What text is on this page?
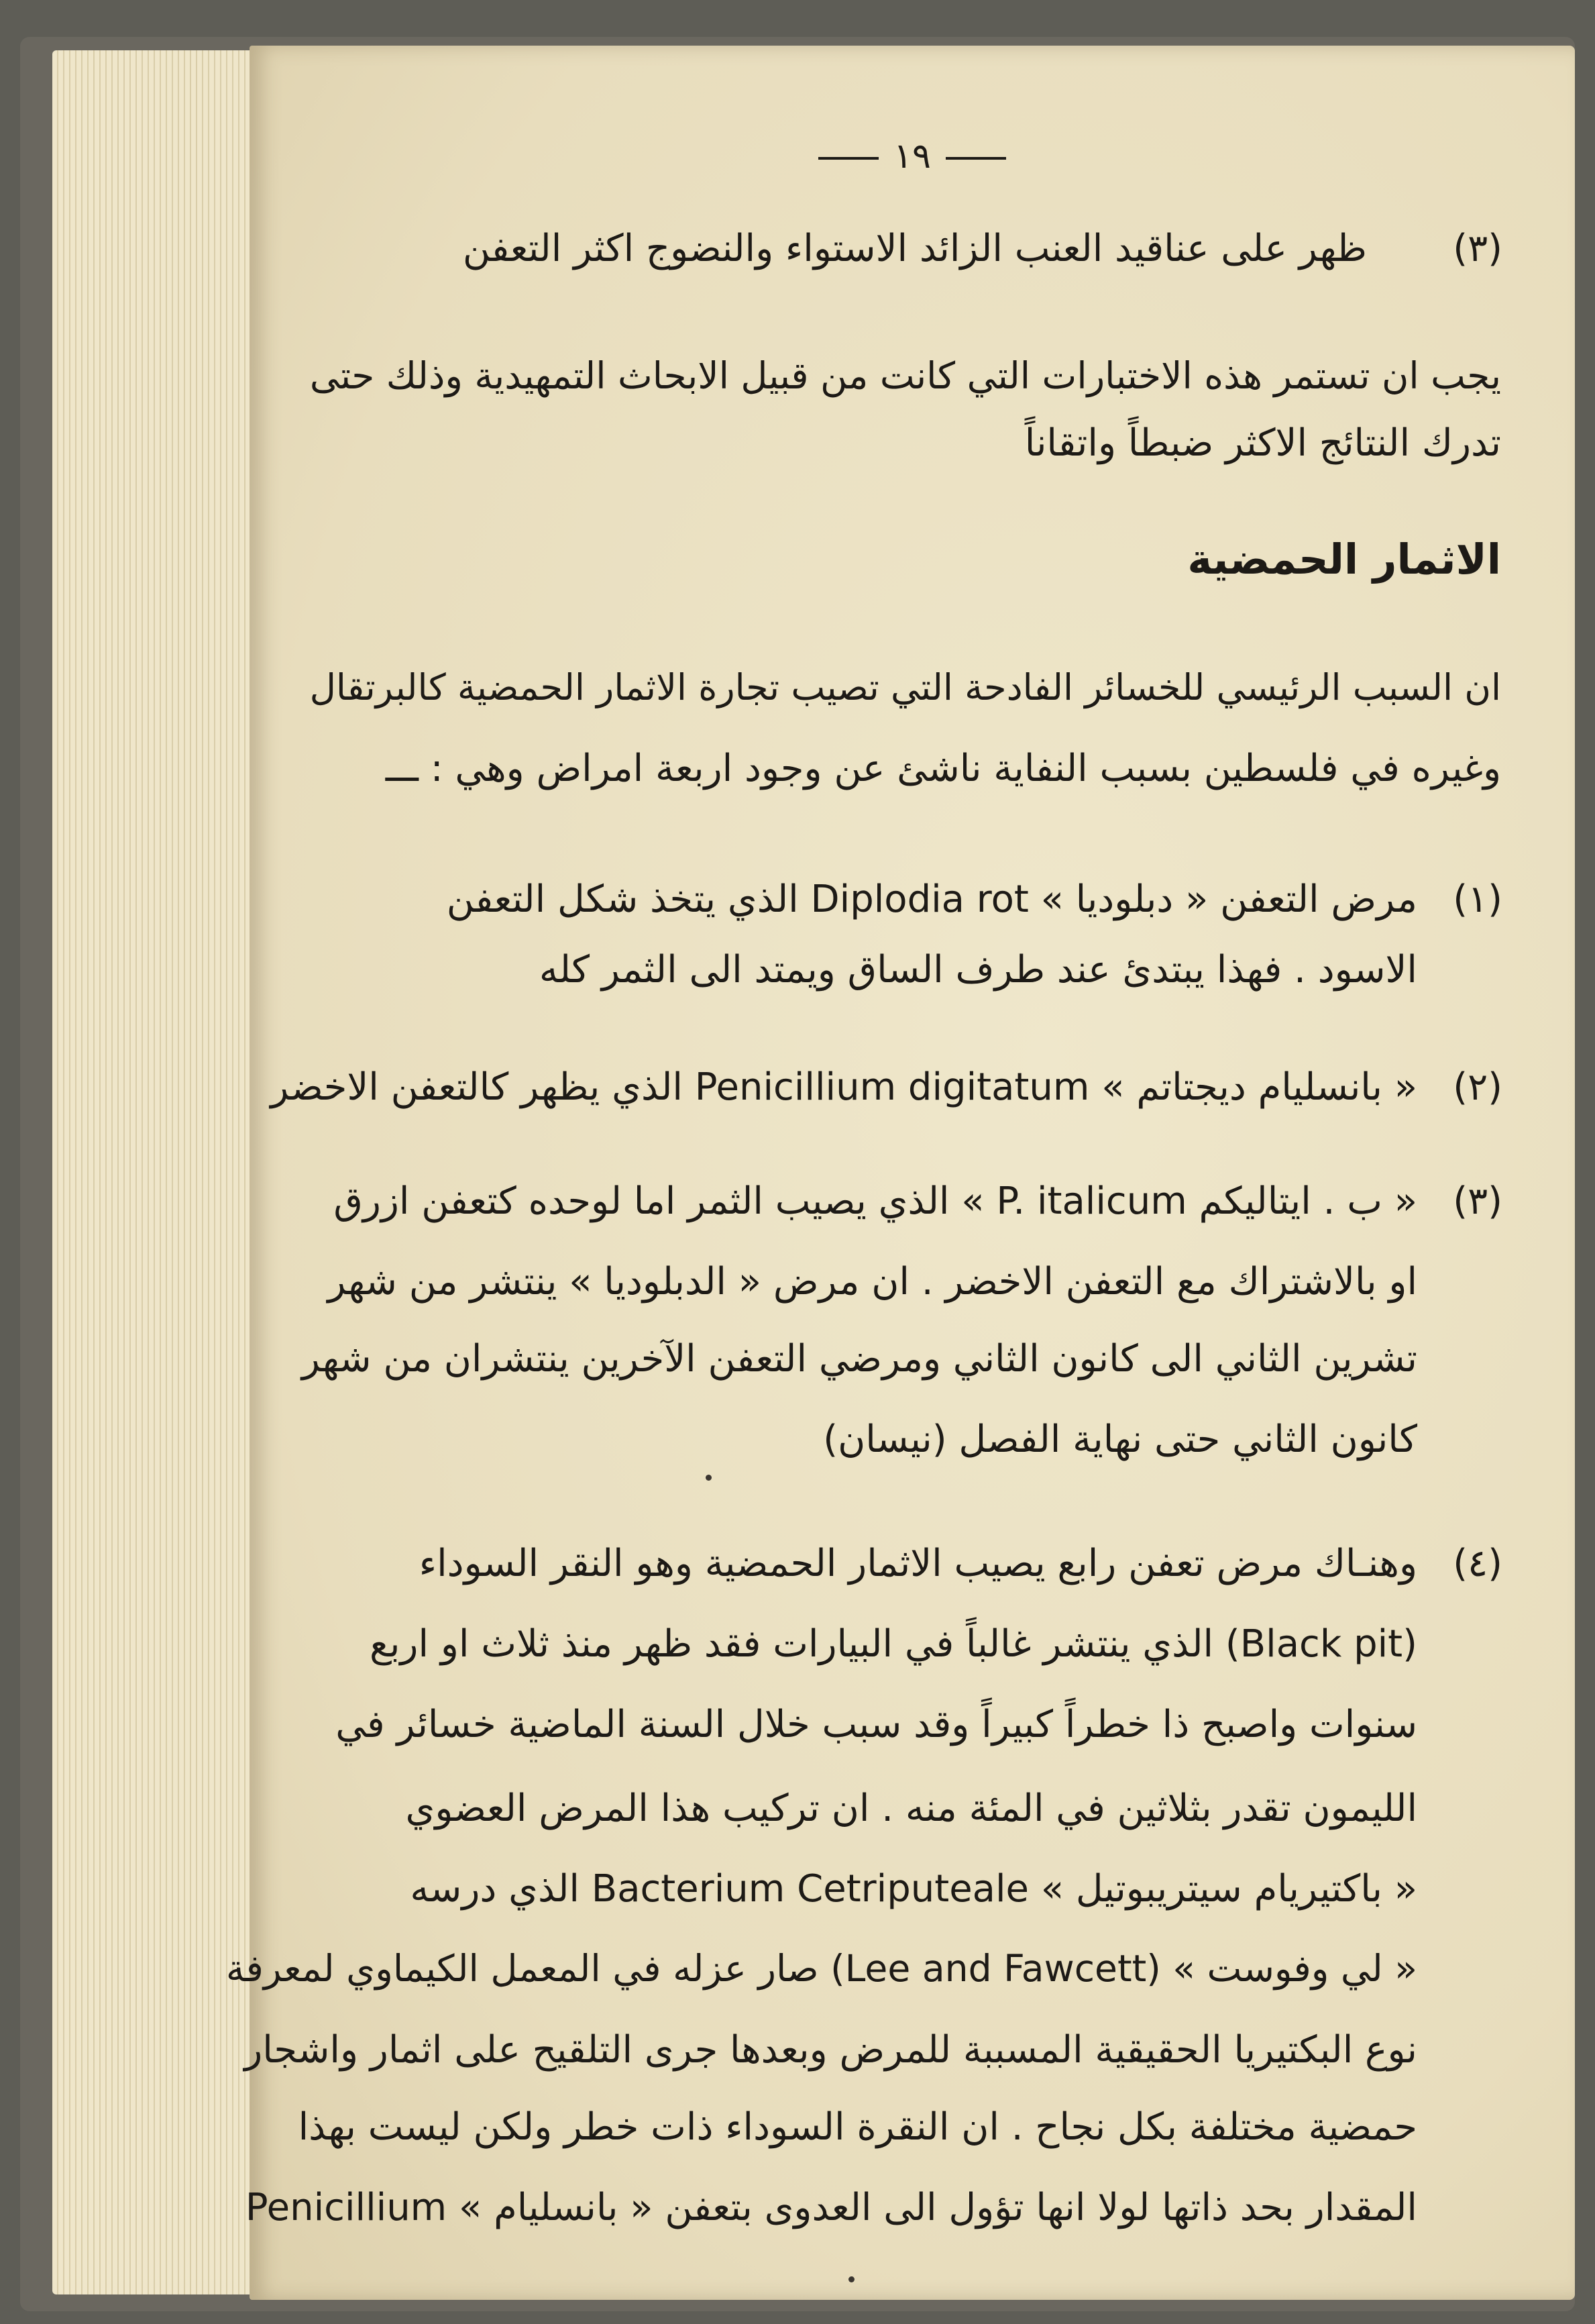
١٩
(٣)
ظهر على عناقيد العنب الزائد الاستواء والنضوج اكثر التعفن
يجب ان تستمر هذه الاختبارات التي كانت من قبيل الابحاث التمهيدية وذلك حتى
تدرك النتائج الاكثر ضبطاً واتقاناً
الاثمار الحمضية
ان السبب الرئيسي للخسائر الفادحة التي تصيب تجارة الاثمار الحمضية كالبرتقال
وغيره في فلسطين بسبب النفاية ناشئ عن وجود اربعة امراض وهي : ـــ
(١)
مرض التعفن « دبلوديا » Diplodia rot الذي يتخذ شكل التعفن
الاسود . فهذا يبتدئ عند طرف الساق ويمتد الى الثمر كله
(٢)
« بانسليام ديجتاتم » Penicillium digitatum الذي يظهر كالتعفن الاخضر
(٣)
« ب . ايتاليكم P. italicum » الذي يصيب الثمر اما لوحده كتعفن ازرق
او بالاشتراك مع التعفن الاخضر . ان مرض « الدبلوديا » ينتشر من شهر
تشرين الثاني الى كانون الثاني ومرضي التعفن الآخرين ينتشران من شهر
كانون الثاني حتى نهاية الفصل (نيسان)
(٤)
وهنـاك مرض تعفن رابع يصيب الاثمار الحمضية وهو النقر السوداء
(Black pit) الذي ينتشر غالباً في البيارات فقد ظهر منذ ثلاث او اربع
سنوات واصبح ذا خطراً كبيراً وقد سبب خلال السنة الماضية خسائر في
الليمون تقدر بثلاثين في المئة منه . ان تركيب هذا المرض العضوي
« باكتيريام سيتريبوتيل » Bacterium Cetriputeale الذي درسه
« لي وفوست » (Lee and Fawcett) صار عزله في المعمل الكيماوي لمعرفة
نوع البكتيريا الحقيقية المسببة للمرض وبعدها جرى التلقيح على اثمار واشجار
حمضية مختلفة بكل نجاح . ان النقرة السوداء ذات خطر ولكن ليست بهذا
المقدار بحد ذاتها لولا انها تؤول الى العدوى بتعفن « بانسليام » Penicillium
